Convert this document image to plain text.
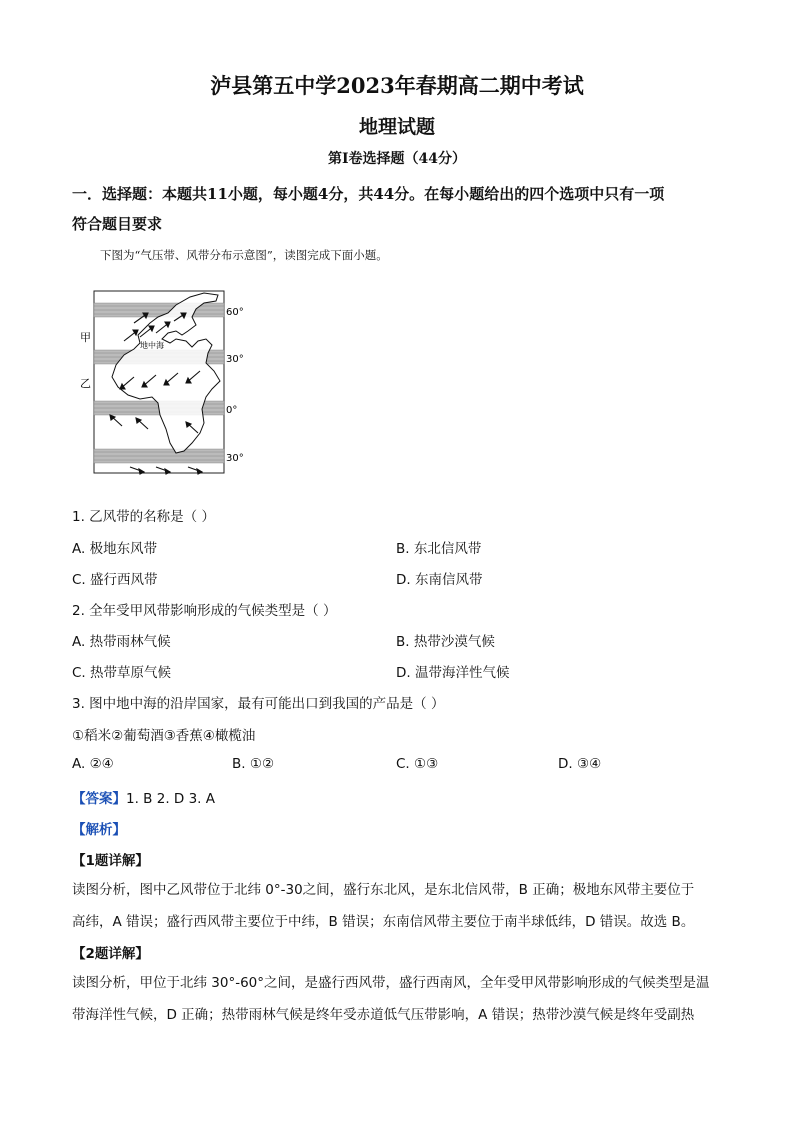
泸县第五中学2023年春期高二期中考试
地理试题
第Ⅰ卷选择题（44分）
一．选择题：本题共11小题，每小题4分，共44分。在每小题给出的四个选项中只有一项
符合题目要求
下图为“气压带、风带分布示意图”，读图完成下面小题。
甲
乙
地中海
60°
30°
0°
30°
1. 乙风带的名称是（ ）
A. 极地东风带	B. 东北信风带
C. 盛行西风带	D. 东南信风带
2. 全年受甲风带影响形成的气候类型是（ ）
A. 热带雨林气候	B. 热带沙漠气候
C. 热带草原气候	D. 温带海洋性气候
3. 图中地中海的沿岸国家，最有可能出口到我国的产品是（ ）
①稻米②葡萄酒③香蕉④橄榄油
A. ②④	B. ①②	C. ①③	D. ③④
【答案】1. B 2. D 3. A
【解析】
【1题详解】
读图分析，图中乙风带位于北纬 0°-30之间，盛行东北风，是东北信风带，B 正确；极地东风带主要位于
高纬，A 错误；盛行西风带主要位于中纬，B 错误；东南信风带主要位于南半球低纬，D 错误。故选 B。
【2题详解】
读图分析，甲位于北纬 30°-60°之间，是盛行西风带，盛行西南风，全年受甲风带影响形成的气候类型是温
带海洋性气候，D 正确；热带雨林气候是终年受赤道低气压带影响，A 错误；热带沙漠气候是终年受副热
